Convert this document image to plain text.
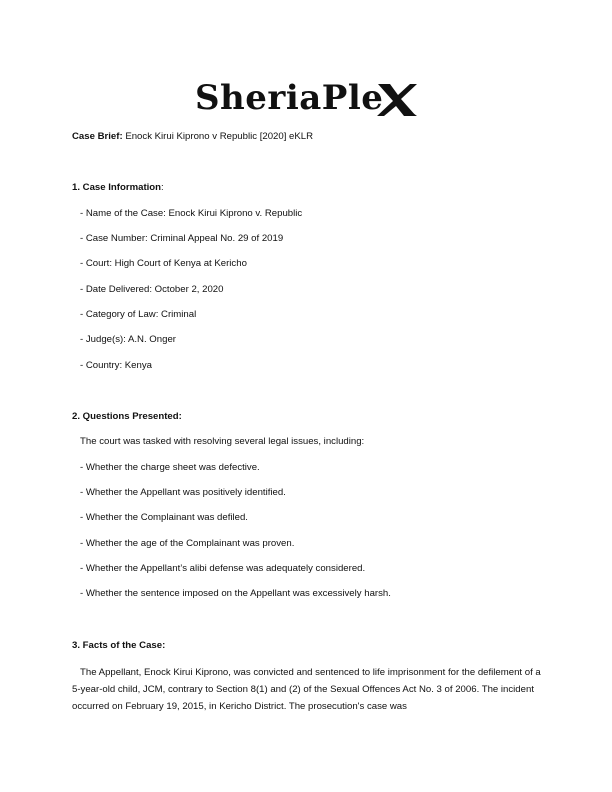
SheriaPle
Case Brief: Enock Kirui Kiprono v Republic [2020] eKLR
1. Case Information:
- Name of the Case: Enock Kirui Kiprono v. Republic
- Case Number: Criminal Appeal No. 29 of 2019
- Court: High Court of Kenya at Kericho
- Date Delivered: October 2, 2020
- Category of Law: Criminal
- Judge(s): A.N. Onger
- Country: Kenya
2. Questions Presented:
The court was tasked with resolving several legal issues, including:
- Whether the charge sheet was defective.
- Whether the Appellant was positively identified.
- Whether the Complainant was defiled.
- Whether the age of the Complainant was proven.
- Whether the Appellant’s alibi defense was adequately considered.
- Whether the sentence imposed on the Appellant was excessively harsh.
3. Facts of the Case:
The Appellant, Enock Kirui Kiprono, was convicted and sentenced to life imprisonment for the defilement of a 5-year-old child, JCM, contrary to Section 8(1) and (2) of the Sexual Offences Act No. 3 of 2006. The incident occurred on February 19, 2015, in Kericho District. The prosecution's case was
